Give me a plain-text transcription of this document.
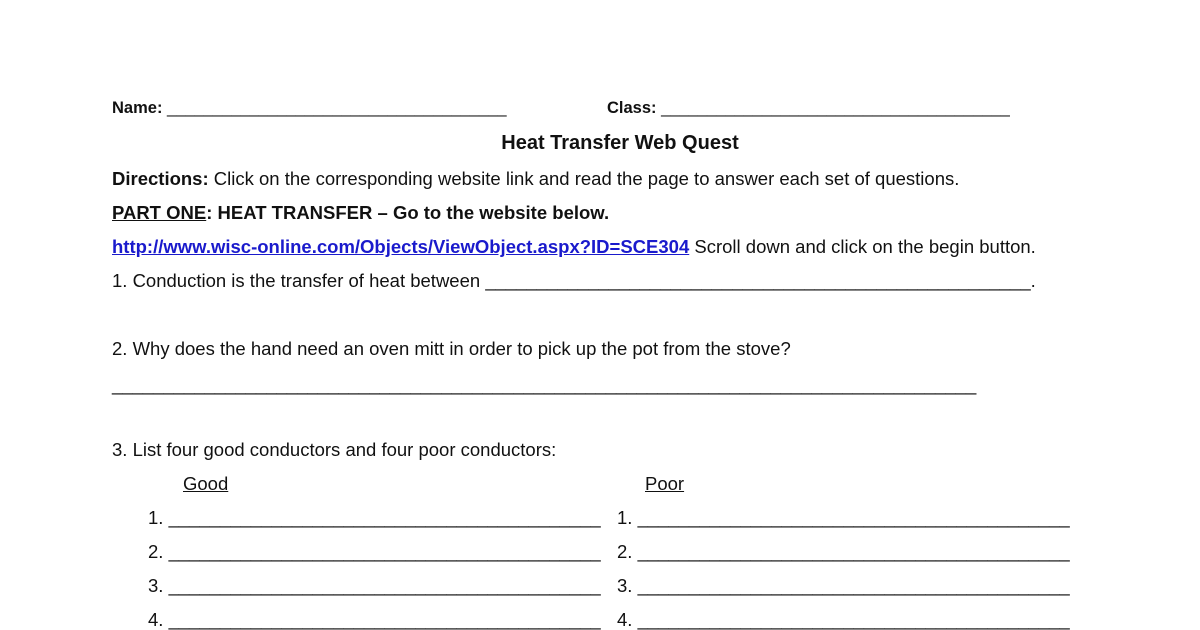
Name: _____________________________________	Class: ______________________________________
Heat Transfer Web Quest
Directions: Click on the corresponding website link and read the page to answer each set of questions.
PART ONE: HEAT TRANSFER – Go to the website below.
http://www.wisc-online.com/Objects/ViewObject.aspx?ID=SCE304 Scroll down and click on the begin button.
1. Conduction is the transfer of heat between _____________________________________________________.
2. Why does the hand need an oven mitt in order to pick up the pot from the stove?
____________________________________________________________________________________
3. List four good conductors and four poor conductors:
Good	Poor
1. __________________________________________
2. __________________________________________
3. __________________________________________
4. __________________________________________
1. __________________________________________
2. __________________________________________
3. __________________________________________
4. __________________________________________
